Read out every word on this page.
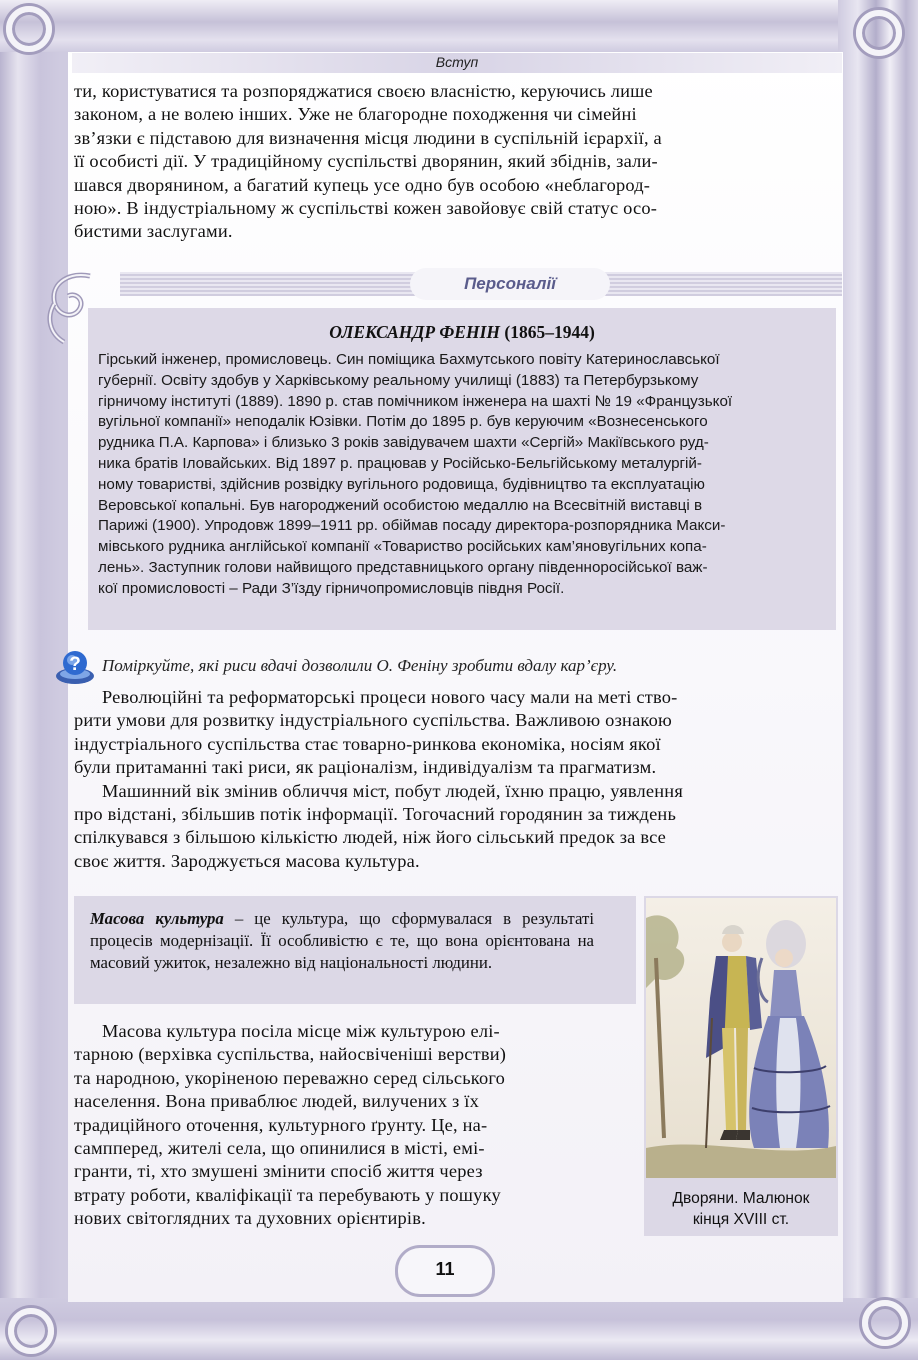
Вступ

ти, користуватися та розпоряджатися своєю власністю, керуючись лише

законом, а не волею інших. Уже не благородне походження чи сімейні

зв’язки є підставою для визначення місця людини в суспільній ієрархії, а

її особисті дії. У традиційному суспільстві дворянин, який збіднів, зали-

шався дворянином, а багатий купець усе одно був особою «неблагород-

ною». В індустріальному ж суспільстві кожен завойовує свій статус осо-

бистими заслугами.

Персоналії
ОЛЕКСАНДР ФЕНІН (1865–1944)
Гірський інженер, промисловець. Син поміщика Бахмутського повіту Катеринославської
губернії. Освіту здобув у Харківському реальному училищі (1883) та Петербурзькому
гірничому інституті (1889). 1890 р. став помічником інженера на шахті № 19 «Французької
вугільної компанії» неподалік Юзівки. Потім до 1895 р. був керуючим «Вознесенського
рудника П.А. Карпова» і близько 3 років завідувачем шахти «Сергій» Макіївського руд-
ника братів Іловайських. Від 1897 р. працював у Російсько-Бельгійському металургій-
ному товаристві, здійснив розвідку вугільного родовища, будівництво та експлуатацію
Веровської копальні. Був нагороджений особистою медаллю на Всесвітній виставці в
Парижі (1900). Упродовж 1899–1911 рр. обіймав посаду директора-розпорядника Макси-
мівського рудника англійської компанії «Товариство російських кам’яновугільних копа-
лень». Заступник голови найвищого представницького органу південноросійської важ-
кої промисловості – Ради З’їзду гірничопромисловців півдня Росії.
? Поміркуйте, які риси вдачі дозволили О. Феніну зробити вдалу кар’єру.

Революційні та реформаторські процеси нового часу мали на меті ство-

рити умови для розвитку індустріального суспільства. Важливою ознакою

індустріального суспільства стає товарно-ринкова економіка, носіям якої

були притаманні такі риси, як раціоналізм, індивідуалізм та прагматизм.

Машинний вік змінив обличчя міст, побут людей, їхню працю, уявлення

про відстані, збільшив потік інформації. Тогочасний городянин за тиждень

спілкувався з більшою кількістю людей, ніж його сільський предок за все

своє життя. Зароджується масова культура.

Масова культура – це культура, що сформувалася в результаті процесів модернізації. Її особливістю є те, що вона орієнтована на масовий ужиток, незалежно від національності людини.
Дворяни. Малюнок
кінця XVIII ст.

Масова культура посіла місце між культурою елі-

тарною (верхівка суспільства, найосвіченіші верстви)

та народною, укоріненою переважно серед сільського

населення. Вона приваблює людей, вилучених з їх

традиційного оточення, культурного ґрунту. Це, на-

сампперед, жителі села, що опинилися в місті, емі-

гранти, ті, хто змушені змінити спосіб життя через

втрату роботи, кваліфікації та перебувають у пошуку

нових світоглядних та духовних орієнтирів.

11
